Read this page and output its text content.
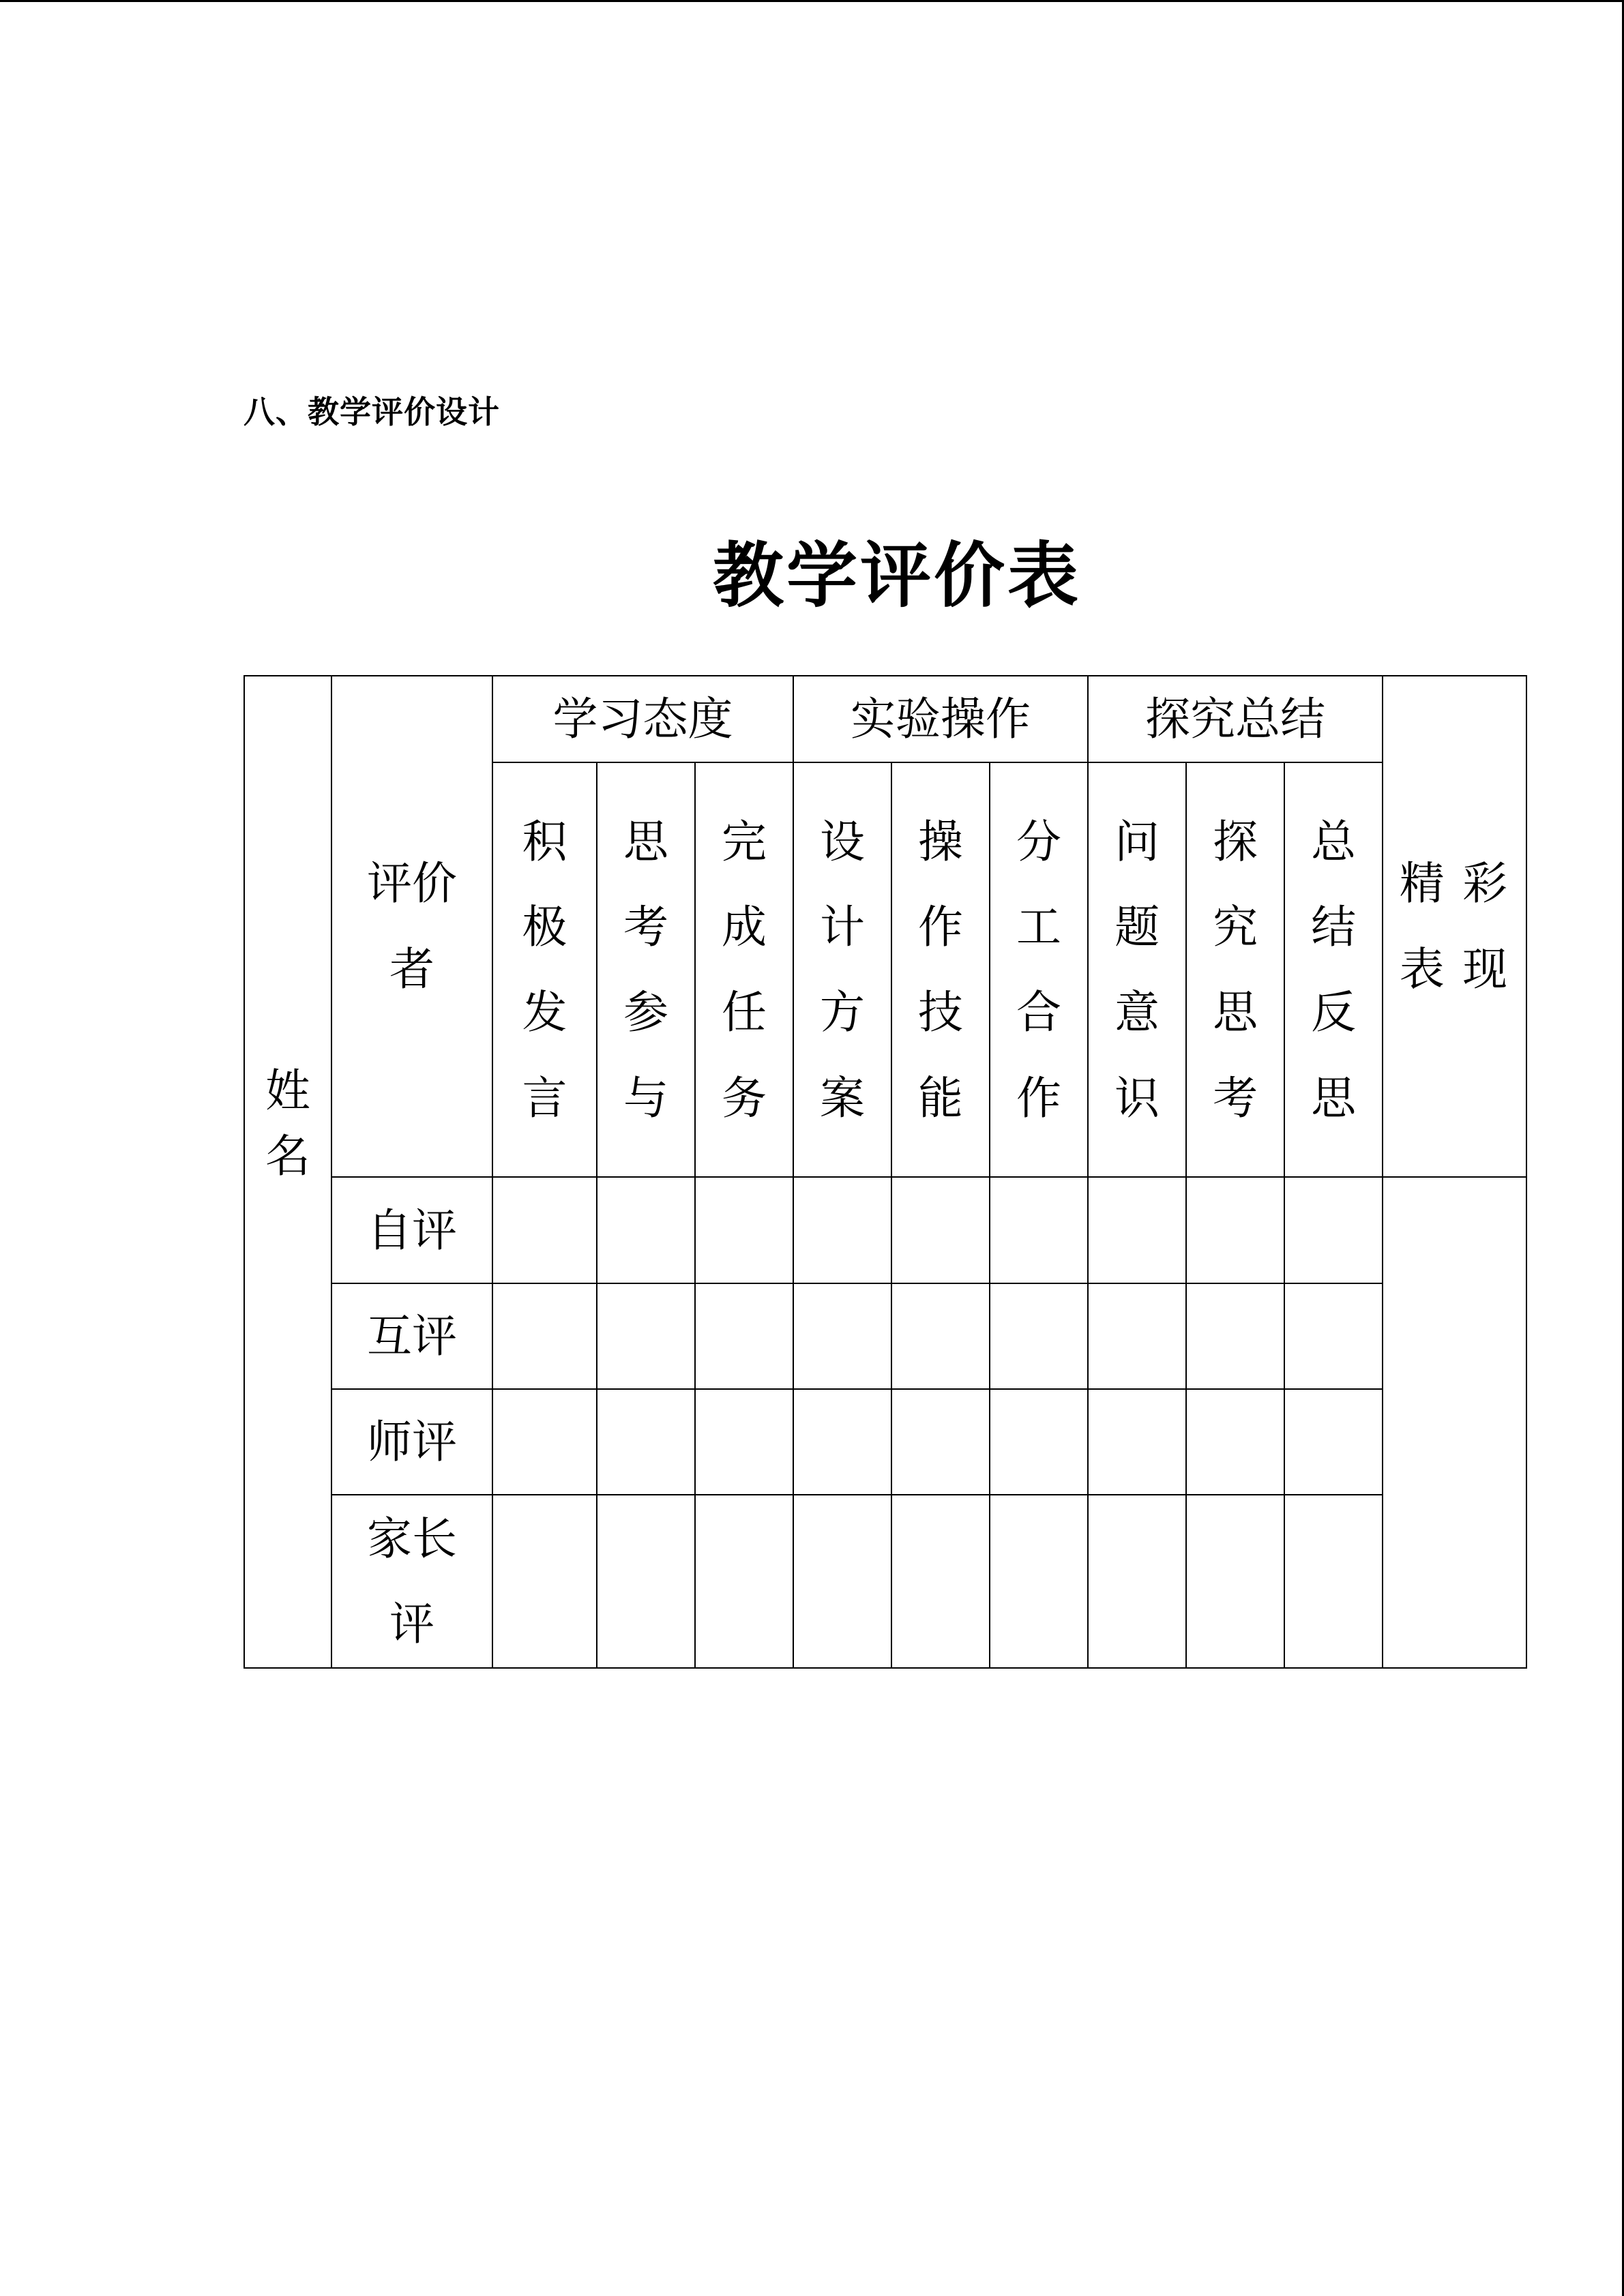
八、教学评价设计
教学评价表
姓名	评价者	学习态度			实验操作			探究总结			精彩表现
		积极发言	思考参与	完成任务	设计方案	操作技能	分工合作	问题意识	探究思考	总结反思	
	自评										
	互评										
	师评										
	家长评										
